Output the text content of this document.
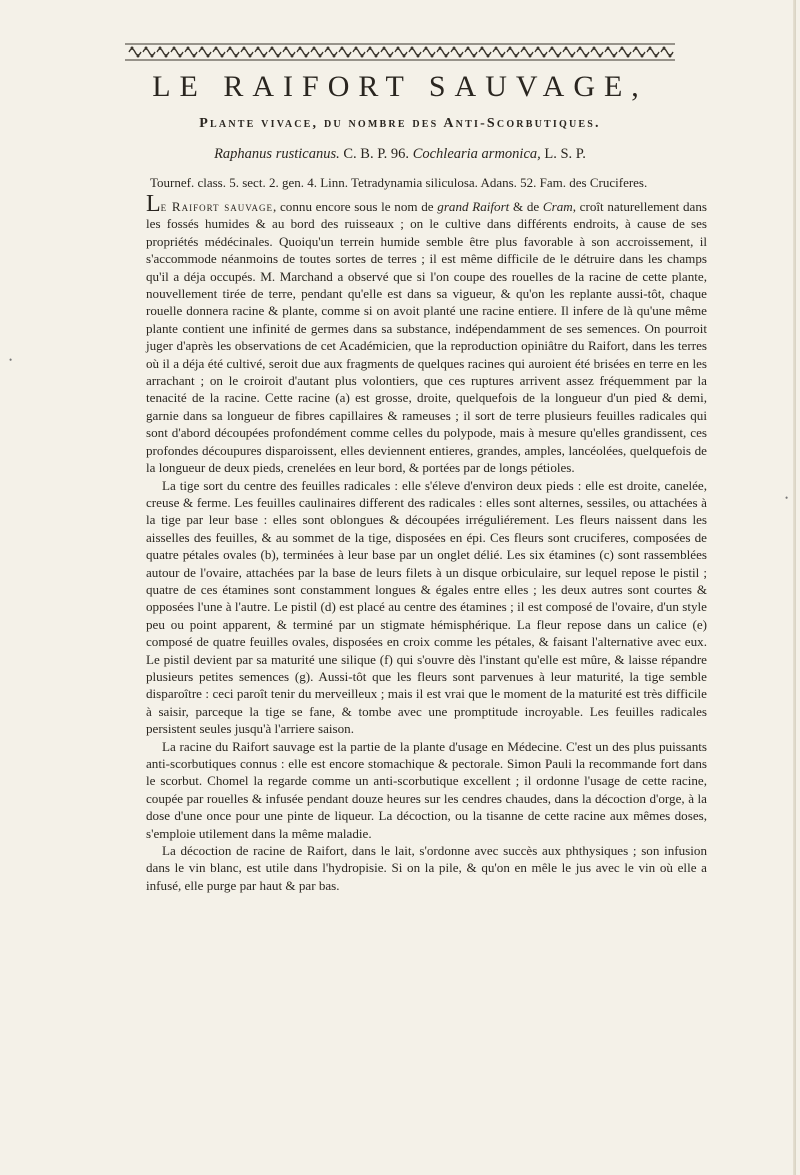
LE RAIFORT SAUVAGE,
Plante vivace, du nombre des Anti-Scorbutiques.
Raphanus rusticanus. C. B. P. 96. Cochlearia armonica, L. S. P.
Tournef. class. 5. sect. 2. gen. 4. Linn. Tetradynamia siliculosa. Adans. 52. Fam. des Cruciferes.

Le Raifort sauvage, connu encore sous le nom de grand Raifort & de Cram, croît naturellement dans les fossés humides & au bord des ruisseaux ; on le cultive dans différents endroits, à cause de ses propriétés médécinales. Quoiqu'un terrein humide semble être plus favorable à son accroissement, il s'accommode néanmoins de toutes sortes de terres ; il est même difficile de le détruire dans les champs qu'il a déja occupés. M. Marchand a observé que si l'on coupe des rouelles de la racine de cette plante, nouvellement tirée de terre, pendant qu'elle est dans sa vigueur, & qu'on les replante aussi-tôt, chaque rouelle donnera racine & plante, comme si on avoit planté une racine entiere. Il infere de là qu'une même plante contient une infinité de germes dans sa substance, indépendamment de ses semences. On pourroit juger d'après les observations de cet Académicien, que la reproduction opiniâtre du Raifort, dans les terres où il a déja été cultivé, seroit due aux fragments de quelques racines qui auroient été brisées en terre en les arrachant ; on le croiroit d'autant plus volontiers, que ces ruptures arrivent assez fréquemment par la tenacité de la racine. Cette racine (a) est grosse, droite, quelquefois de la longueur d'un pied & demi, garnie dans sa longueur de fibres capillaires & rameuses ; il sort de terre plusieurs feuilles radicales qui sont d'abord découpées profondément comme celles du polypode, mais à mesure qu'elles grandissent, ces profondes découpures disparoissent, elles deviennent entieres, grandes, amples, lancéolées, quelquefois de la longueur de deux pieds, crenelées en leur bord, & portées par de longs pétioles.

La tige sort du centre des feuilles radicales : elle s'éleve d'environ deux pieds : elle est droite, canelée, creuse & ferme. Les feuilles caulinaires different des radicales : elles sont alternes, sessiles, ou attachées à la tige par leur base : elles sont oblongues & découpées irréguliérement. Les fleurs naissent dans les aisselles des feuilles, & au sommet de la tige, disposées en épi. Ces fleurs sont cruciferes, composées de quatre pétales ovales (b), terminées à leur base par un onglet délié. Les six étamines (c) sont rassemblées autour de l'ovaire, attachées par la base de leurs filets à un disque orbiculaire, sur lequel repose le pistil ; quatre de ces étamines sont constamment longues & égales entre elles ; les deux autres sont courtes & opposées l'une à l'autre. Le pistil (d) est placé au centre des étamines ; il est composé de l'ovaire, d'un style peu ou point apparent, & terminé par un stigmate hémisphérique. La fleur repose dans un calice (e) composé de quatre feuilles ovales, disposées en croix comme les pétales, & faisant l'alternative avec eux. Le pistil devient par sa maturité une silique (f) qui s'ouvre dès l'instant qu'elle est mûre, & laisse répandre plusieurs petites semences (g). Aussi-tôt que les fleurs sont parvenues à leur maturité, la tige semble disparoître : ceci paroît tenir du merveilleux ; mais il est vrai que le moment de la maturité est très difficile à saisir, parceque la tige se fane, & tombe avec une promptitude incroyable. Les feuilles radicales persistent seules jusqu'à l'arriere saison.

La racine du Raifort sauvage est la partie de la plante d'usage en Médecine. C'est un des plus puissants anti-scorbutiques connus : elle est encore stomachique & pectorale. Simon Pauli la recommande fort dans le scorbut. Chomel la regarde comme un anti-scorbutique excellent ; il ordonne l'usage de cette racine, coupée par rouelles & infusée pendant douze heures sur les cendres chaudes, dans la décoction d'orge, à la dose d'une once pour une pinte de liqueur. La décoction, ou la tisanne de cette racine aux mêmes doses, s'emploie utilement dans la même maladie.

La décoction de racine de Raifort, dans le lait, s'ordonne avec succès aux phthysiques ; son infusion dans le vin blanc, est utile dans l'hydropisie. Si on la pile, & qu'on en mêle le jus avec le vin où elle a infusé, elle purge par haut & par bas.

•
•
